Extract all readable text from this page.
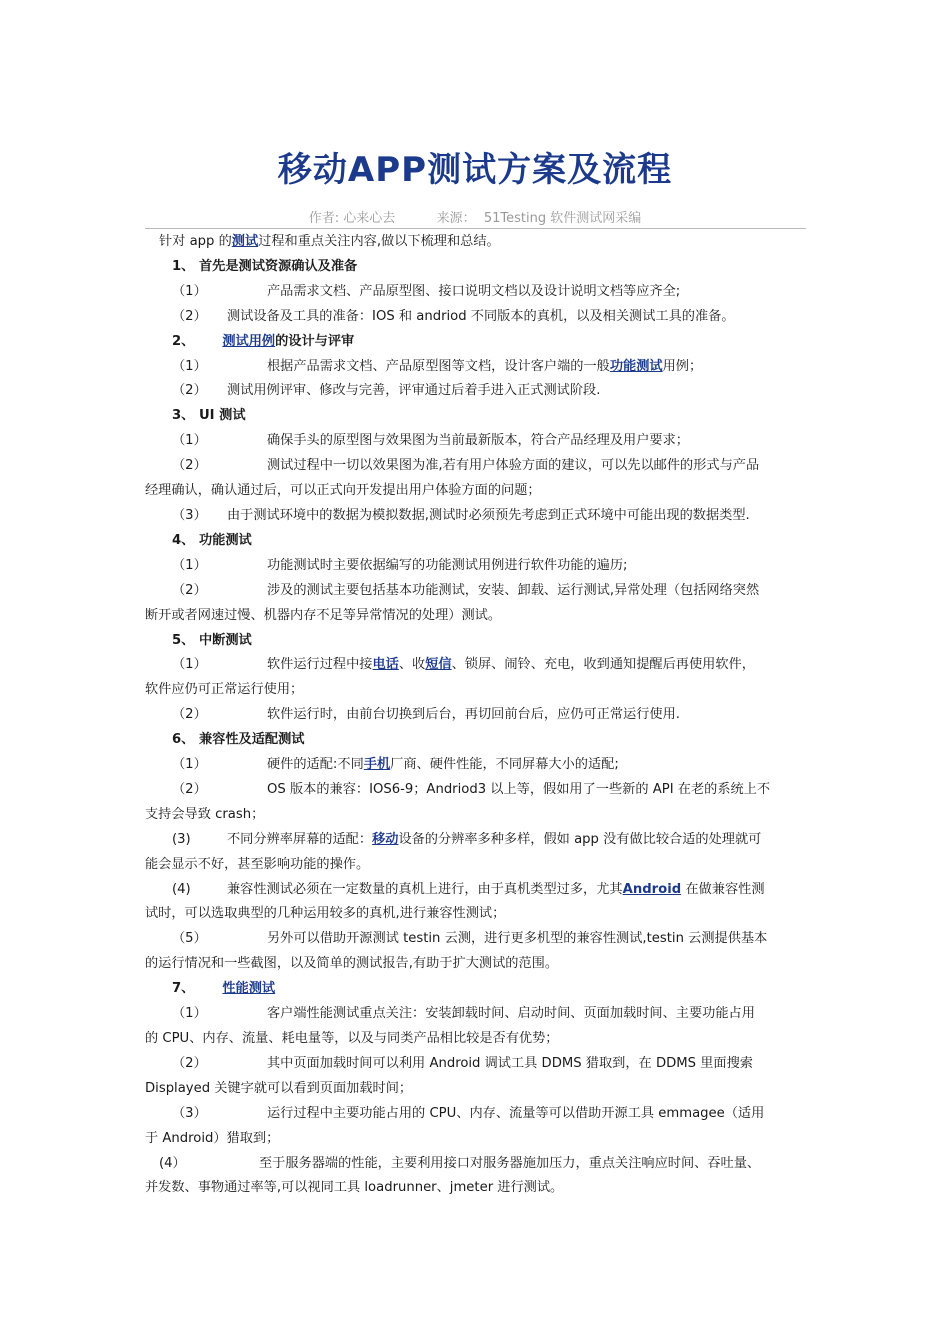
移动APP测试方案及流程
作者: 心来心去          来源：  51Testing 软件测试网采编

针对 app 的测试过程和重点关注内容,做以下梳理和总结。

1、 首先是测试资源确认及准备

（1）	产品需求文档、产品原型图、接口说明文档以及设计说明文档等应齐全;

（2） 测试设备及工具的准备：IOS 和 andriod 不同版本的真机，以及相关测试工具的准备。

2、 测试用例的设计与评审

（1）	根据产品需求文档、产品原型图等文档，设计客户端的一般功能测试用例；

（2） 测试用例评审、修改与完善，评审通过后着手进入正式测试阶段.

3、 UI 测试

（1）	确保手头的原型图与效果图为当前最新版本，符合产品经理及用户要求；

（2）	测试过程中一切以效果图为准,若有用户体验方面的建议，可以先以邮件的形式与产品

经理确认，确认通过后，可以正式向开发提出用户体验方面的问题；

（3） 由于测试环境中的数据为模拟数据,测试时必须预先考虑到正式环境中可能出现的数据类型.

4、 功能测试

（1）	功能测试时主要依据编写的功能测试用例进行软件功能的遍历;

（2）	涉及的测试主要包括基本功能测试，安装、卸载、运行测试,异常处理（包括网络突然

断开或者网速过慢、机器内存不足等异常情况的处理）测试。

5、 中断测试

（1）	软件运行过程中接电话、收短信、锁屏、闹铃、充电，收到通知提醒后再使用软件，

软件应仍可正常运行使用；

（2）	软件运行时，由前台切换到后台，再切回前台后，应仍可正常运行使用.

6、 兼容性及适配测试

（1）	硬件的适配:不同手机厂商、硬件性能，不同屏幕大小的适配;

（2）	OS 版本的兼容：IOS6-9；Andriod3 以上等，假如用了一些新的 API 在老的系统上不

支持会导致 crash；

(3)	不同分辨率屏幕的适配：移动设备的分辨率多种多样，假如 app 没有做比较合适的处理就可

能会显示不好，甚至影响功能的操作。

(4)	兼容性测试必须在一定数量的真机上进行，由于真机类型过多，尤其Android 在做兼容性测

试时，可以选取典型的几种运用较多的真机,进行兼容性测试；

（5）	另外可以借助开源测试 testin 云测，进行更多机型的兼容性测试,testin 云测提供基本

的运行情况和一些截图，以及简单的测试报告,有助于扩大测试的范围。

7、 性能测试

（1）	客户端性能测试重点关注：安装卸载时间、启动时间、页面加载时间、主要功能占用

的 CPU、内存、流量、耗电量等，以及与同类产品相比较是否有优势；

（2）	其中页面加载时间可以利用 Android 调试工具 DDMS 猎取到，在 DDMS 里面搜索

Displayed 关键字就可以看到页面加载时间；

（3）	运行过程中主要功能占用的 CPU、内存、流量等可以借助开源工具 emmagee（适用

于 Android）猎取到；

(4）	至于服务器端的性能，主要利用接口对服务器施加压力，重点关注响应时间、吞吐量、

并发数、事物通过率等,可以视同工具 loadrunner、jmeter 进行测试。
